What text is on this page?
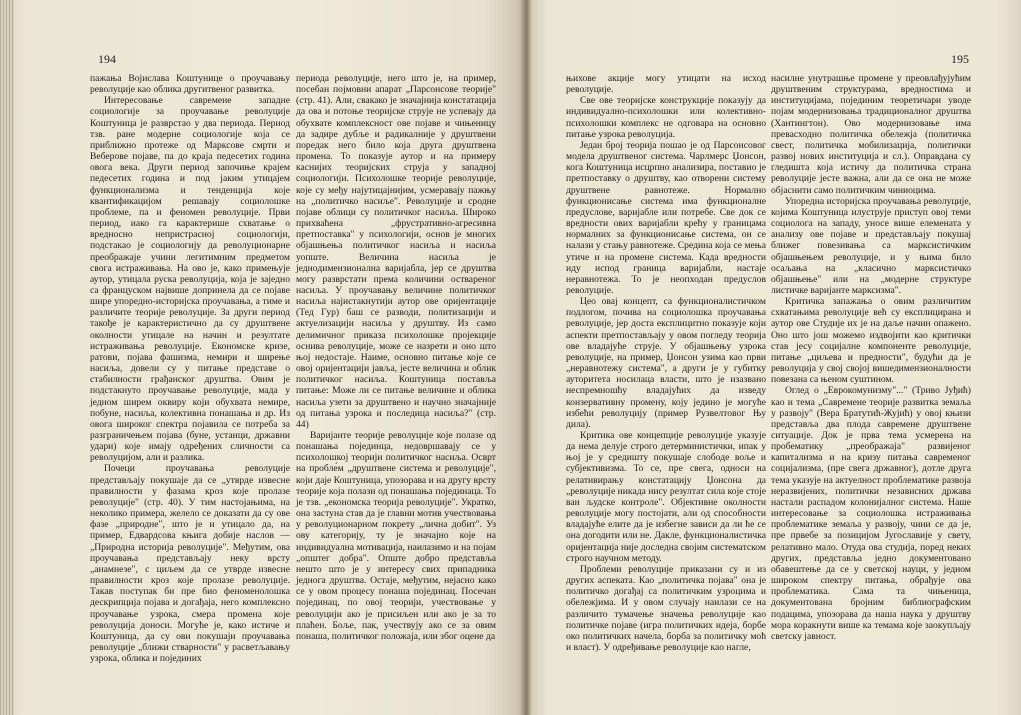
194

пажања Војислава Коштунице о проучавању револуције као облика другитвеног развитка.

Интересовање савремене западне социологије за проучавање револуције Коштуница је разврстао у два периода. Период тзв. ране модерне социологије која се приближно протеже од Марксове смрти и Веберове појаве, па до краја педесетих година овога века. Други период започиње крајем педесетих година и под јаким утицајем функционализма и тенденција које квантификацијом решавају социолошке проблеме, па и феномен револуције. Први период, иако га карактерише схватање о вредносно непристрасној социологији, подстакао је социологију да револуционарне преображаје учини легитимним предметом свога истраживања. На ово је, како примењује аутор, утицала руска револуција, која је заједно са француском највише допринела да се појаве шире упоредно-историјска проучавања, а тиме и различите теорије револуције. За други период такође је карактеристично да су друштвене околности утицале на начин и резултате истраживања револуције. Економске кризе, ратови, појава фашизма, немири и ширење насиља, довели су у питање представе о стабилности грађанског друштва. Овим је подстакнуто проучавање револуције, мада у једном ширем оквиру који обухвата немире, побуне, насиља, колективна понашања и др. Из овога широког спектра појавила се потреба за разграничењем појава (буне, устанци, државни удари) које имају одређених сличности са револуцијом, али и разлика.

Почеци проучавања револуције представљају покушаје да се „утврде извесне правилности у фазама кроз које пролазе револуције" (стр. 40). У тим настојањима, на неколико примера, желело се доказати да су ове фазе „природне", што је и утицало да, на пример, Едвардсова књига добије наслов — „Природна историја револуције". Међутим, ова проучавања представљају неку врсту „анамнезе", с циљем да се утврде извесне правилности кроз које пролазе револуције. Такав поступак би пре био феноменолошка дескрипција појава и догађаја, него комплексно проучавање узрока, смера промена које револуција доноси. Могуће је, како истиче и Коштуница, да су ови покушаји проучавања револуције „ближи стварности" у расветљавању узрока, облика и појединих

периода револуције, него што је, на пример, посебан појмовни апарат „Парсонсове теорије" (стр. 41). Али, свакако је значајнија констатација да ова и потоње теоријске струје не успевају да обухвате комплексност ове појаве и чињеницу да задире дубље и радикалније у друштвени поредак него било која друга друштвена промена. То показује аутор и на примеру каснијих теоријских струја у западној социологији. Психолошке теорије револуције, које су међу најутицајнијим, усмеравају пажњу на „политичко насиље". Револуције и сродне појаве облици су политичког насиља. Широко прихваћена „фрустративно-агресивна претпоставка" у психологији, основ је многих објашњења политичког насиља и насиља уопште. Величина насиља је једнодимензионална варијабла, јер се друштва могу разврстати према количини оствареног насиља. У проучавању величине политичког насиља најистакнутији аутор ове оријентације (Тед Гур) баш се разводи, политизацији и актуелизацији насиља у друштву. Из само делимичног приказа психолошке пројекције оснива револуције, може се назрети и оно што њој недостаје. Наиме, основно питање које се овој оријентацији јавља, јесте величина и облик политичког насиља. Коштуница поставља питање: Може ли се питање величине и облика насиља узети за друштвено и научно значајније од питања узрока и последица насиља?" (стр. 44)

Варијанте теорије револуције које полазе од понашања појединца, недовршавају се у психолошкој теорији политичког насиља. Осврт на пробле́м „друштвене система и револуције", који даје Коштуница, упозорава и на другу врсту теорије која полази од понашања појединаца. То је тзв. „економска теорија револуције". Укратко, она застуна став да је главни мотив учествовања у револуционарном покрету „лична добит". Уз ову категорију, ту је значајно које на индивидуална мотивација, наилазимо и на појам „општег добра". Опште добро представља нешто што је у интересу свих припадника једнога друштва. Остаје, међутим, нејасно како се у овом процесу понаша појединац. Посечан појединац, по овој теорији, учествовање у револуцији ако је присиљен или ако је за то плаћен. Боље, пак, учествују ако се за овим понаша, политичког положаја, или због оцене да

195

њихове акције могу утицати на исход револуције.

Све ове теоријске конструкције показују да индивидуално-психолошки или колективно-психолошки комплекс не одговара на основно питање узрока револуција.

Један број теорија пошао је од Парсонсовог модела друштвеног система. Чарлмерс Џонсон, кога Коштуница исцрпно анализира, поставио је претпоставку о друштву, као отворени систему друштвене равнотеже. Нормално функционисање система има функционалне предуслове, варијабле или потребе. Све док се вредности ових варијабли крећу у границама нормалних за функционисање система, он се налази у стању равнотеже. Средина која се мења утиче и на промене система. Када вредности иду испод граница варијабли, настаје неравнотежа. То је неопходан предуслов револуције.

Цео овај концепт, са функционалистичком подлогом, почива на социолошка проучавања револуције, јер доста експлицитно показује који аспекти претпостављају у овом погледу теорија ове владајуће струје. У објашњењу узрока револуције, на пример, Џонсон узима као први „неравнотежу система", а други је у губитку ауторитета носилаца власти, што је изазвано неспремношћу владајућих да изведу конзервативну промену, коју једино је могуће избећи револуцију (пример Рузвелтовог Њу дила).

Критика ове концепције револуције указује да нема делује строго детерминистички, ипак у њој је у средишту покушаје слободе воље и субјективизма. То се, пре свега, односи на релативирању констатацију Џонсона да „револуције никада нису резултат сила које стоје ван људске контроле". Објективне околности револуције могу постојати, али од способности владајуће елите да је избегне зависи да ли ће се она догодити или не. Дакле, функционалистичка оријентација није доследна својим систематском строго научном методу.

Проблеми револуције приказани су и из других аспеката. Као „политичка појава" она је политичко догађај са политичким узроцима и обележјима. И у овом случају наилази се на различито тумачење значења револуције као политичке појаве (игра политичких идеја, борбе око политичких начела, борба за политичку моћ и власт). У одређивање револуције као нагле,

насилне унутрашње промене у преовлађујућим друштвеним структурама, вредностима и институцијама, појединим теоретичари уводе појам модернизовања традиционалног друштва (Хантингтон). Ово модернизовање има превасходно политичка обележја (политичка свест, политичка мобилизација, политички развој нових институција и сл.). Оправдана су гледишта која истичу да политичка страна револуције јесте важна, али да се она не може објаснити само политичким чиниоцима.

Упоредна историјска проучавања револуције, којима Коштуница илуструје приступ овој теми социолога на западу, уносе више елемената у анализу ове појаве и представљају покушај ближег повезивања са марксистичким објашњењем револуције, и у њима било осаљања на „класично марксистичко објашњење" или на „модерне структуре листичке варијанте марксизма".

Критичка запажања о овим различитим схватањима револуције већ су експлицирана и аутор ове Студије их је на даље начин опажено. Оно што још можемо издвојити као критички став јесу социјалне компоненте револуције, питање „циљева и предности", будући да је револуција у свој својој вишедимензионалности повезана са њеном суштином.

Оглед о „Еврокомунизму"..." (Триво Јуђић) као и тема „Савремене теорије развитка земаља у развоју" (Вера Братутић-Жујић) у овој књизи представља два плода савремене друштвене ситуације. Док је прва тема усмерена на пробематику „преображаја" развијеног капитализма и на кризу питања савременог социјализма, (пре свега државног), дотле друга тема указује на актуелност проблематике развоја неразвијених, политички независних држава настали распадом колонијалног система. Наше интересовање за социолошка истраживања проблематике земаља у развоју, чини се да је, пре првебе за позицијом Југославије у свету, релативно мало. Отуда ова студија, поред неких других, представља једно документовано обавештење да се у светској науци, у једном широком спектру питања, обрађује ова проблематика. Сама та чињеница, документована бројним библиографским подацима, упозорава да наша наука у друштву мора коракнути више ка темама које заокупљају светску јавност.
